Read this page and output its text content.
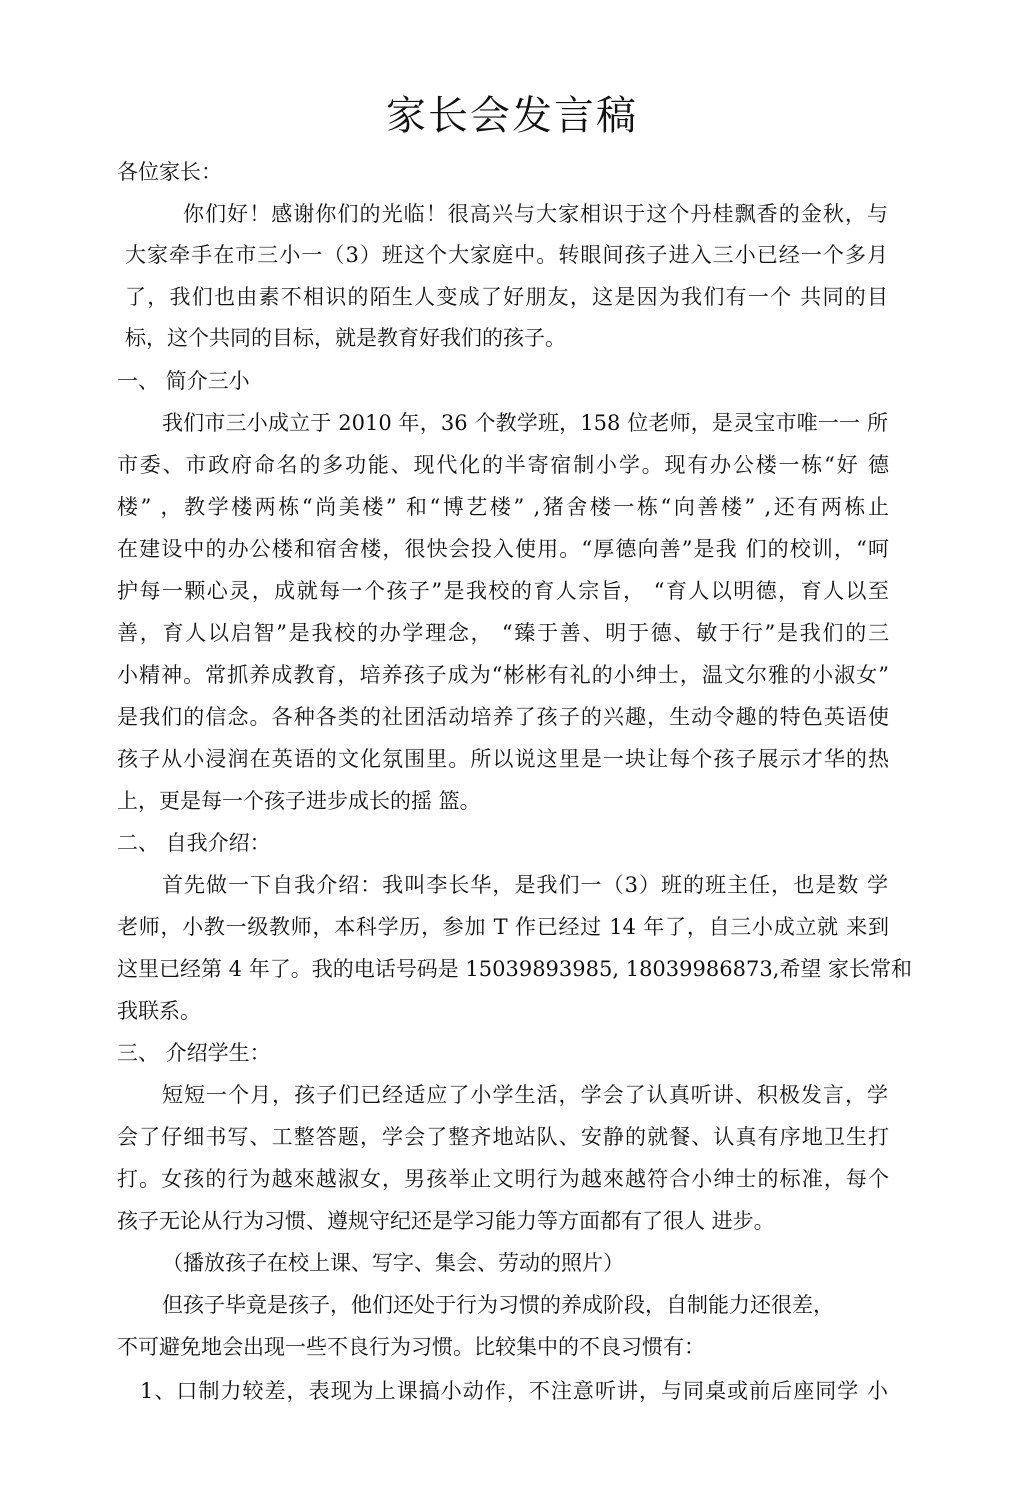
家长会发言稿
各位家长：
你们好！感谢你们的光临！很高兴与大家相识于这个丹桂飘香的金秋，与
大家牵手在市三小一（3）班这个大家庭中。转眼间孩子进入三小已经一个多月
了，我们也由素不相识的陌生人变成了好朋友，这是因为我们有一个 共同的目
标，这个共同的目标，就是教育好我们的孩子。
一、 简介三小
我们市三小成立于 2010 年，36 个教学班，158 位老师，是灵宝市唯一一 所
市委、市政府命名的多功能、现代化的半寄宿制小学。现有办公楼一栋“好 德
楼” ，教学楼两栋“尚美楼” 和“博艺楼” ,猪舍楼一栋“向善楼” ,还有两栋止
在建设中的办公楼和宿舍楼，很快会投入使用。“厚德向善”是我 们的校训，“呵
护每一颗心灵，成就每一个孩子”是我校的育人宗旨， “育人以明德，育人以至
善，育人以启智”是我校的办学理念， “臻于善、明于德、敏于行”是我们的三
小精神。常抓养成教育，培养孩子成为“彬彬有礼的小绅士，温文尔雅的小淑女”
是我们的信念。各种各类的社团活动培养了孩子的兴趣，生动令趣的特色英语使
孩子从小浸润在英语的文化氛围里。所以说这里是一块让每个孩子展示才华的热
上，更是每一个孩子进步成长的摇 篮。
二、 自我介绍：
首先做一下自我介绍：我叫李长华，是我们一（3）班的班主任，也是数 学
老师，小教一级教师，本科学历，参加 T 作已经过 14 年了，自三小成立就 来到
这里已经第 4 年了。我的电话号码是 15039893985, 18039986873,希望 家长常和
我联系。
三、 介绍学生：
短短一个月，孩子们已经适应了小学生活，学会了认真听讲、积极发言，学
会了仔细书写、工整答题，学会了整齐地站队、安静的就餐、认真有序地卫生打
打。女孩的行为越來越淑女，男孩举止文明行为越來越符合小绅士的标准，每个
孩子无论从行为习惯、遵规守纪还是学习能力等方面都有了很人 进步。
（播放孩子在校上课、写字、集会、劳动的照片）
但孩子毕竟是孩子，他们还处于行为习惯的养成阶段，自制能力还很差，
不可避免地会出现一些不良行为习惯。比较集中的不良习惯有：
1、口制力较差，表现为上课搞小动作，不注意听讲，与同桌或前后座同学 小
